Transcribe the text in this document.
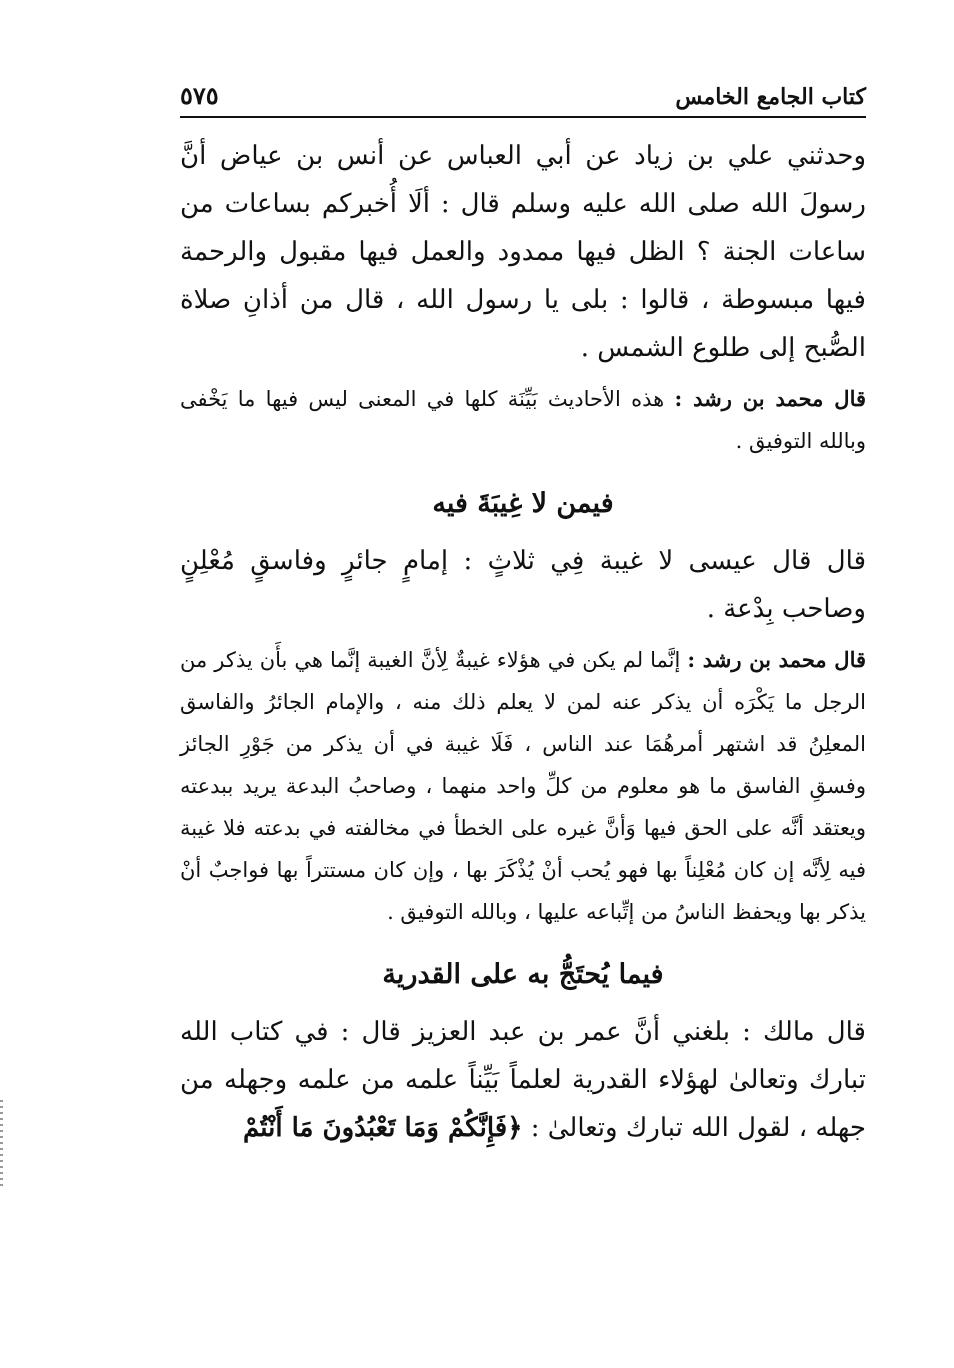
٥٧٥	كتاب الجامع الخامس

وحدثني علي بن زياد عن أبي العباس عن أنس بن عياض أنَّ رسولَ الله صلى الله عليه وسلم قال : ألَا أُخبركم بساعات من ساعات الجنة ؟ الظل فيها ممدود والعمل فيها مقبول والرحمة فيها مبسوطة ، قالوا : بلى يا رسول الله ، قال من أذانِ صلاة الصُّبح إلى طلوع الشمس .

قال محمد بن رشد : هذه الأحاديث بَيِّنَة كلها في المعنى ليس فيها ما يَخْفى وبالله التوفيق .

فيمن لا غِيبَةَ فيه

قال قال عيسى لا غيبة فِي ثلاثٍ : إمامٍ جائرٍ وفاسقٍ مُعْلِنٍ وصاحب بِدْعة .

قال محمد بن رشد : إنَّما لم يكن في هؤلاء غيبةٌ لِأنَّ الغيبة إنَّما هي بأَن يذكر من الرجل ما يَكْرَه أن يذكر عنه لمن لا يعلم ذلك منه ، والإمام الجائرُ والفاسق المعلِنُ قد اشتهر أمرهُمَا عند الناس ، فَلَا غيبة في أن يذكر من جَوْرِ الجائز وفسقِ الفاسق ما هو معلوم من كلِّ واحد منهما ، وصاحبُ البدعة يريد ببدعته ويعتقد أنَّه على الحق فيها وَأنَّ غيره على الخطأ في مخالفته في بدعته فلا غيبة فيه لِأنَّه إن كان مُعْلِناً بها فهو يُحب أنْ يُذْكَرَ بها ، وإن كان مستتراً بها فواجبٌ أنْ يذكر بها ويحفظ الناسُ من إتِّباعه عليها ، وبالله التوفيق .

فيما يُحتَجُّ به على القدرية

قال مالك : بلغني أنَّ عمر بن عبد العزيز قال : في كتاب الله تبارك وتعالىٰ لهؤلاء القدرية لعلماً بَيِّناً علمه من علمه وجهله من جهله ، لقول الله تبارك وتعالىٰ : ﴿فَإِنَّكُمْ وَمَا تَعْبُدُونَ مَا أَنْتُمْ
